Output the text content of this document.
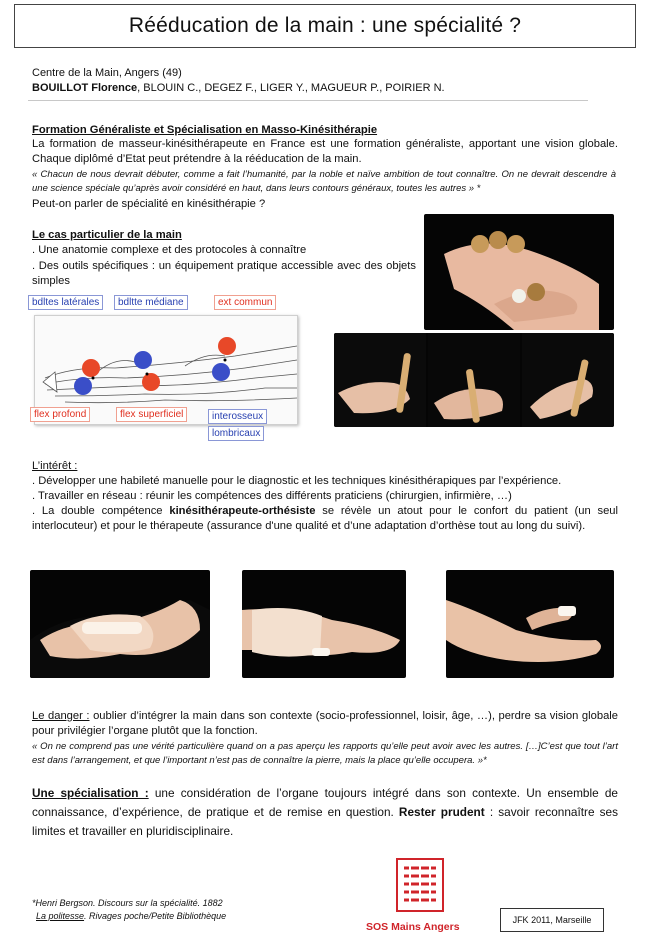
Rééducation de la main : une spécialité ?
Centre de la Main, Angers (49)
BOUILLOT Florence, BLOUIN C., DEGEZ F., LIGER Y., MAGUEUR P., POIRIER N.
Formation Généraliste et Spécialisation en Masso-Kinésithérapie
La formation de masseur-kinésithérapeute en France est une formation généraliste, apportant une vision globale. Chaque diplômé d’Etat peut prétendre à la rééducation de la main.
« Chacun de nous devrait débuter, comme a fait l’humanité, par la noble et naïve ambition de tout connaître. On ne devrait descendre à une science spéciale qu’après avoir considéré en haut, dans leurs contours généraux, toutes les autres » *
Peut-on parler de spécialité en kinésithérapie ?
Le cas particulier de la main
. Une anatomie complexe et des protocoles à connaître
. Des outils spécifiques : un équipement pratique accessible avec des objets simples
bdltes latérales	bdltte médiane	ext commun
flex profond	flex superficiel	interosseux
lombricaux
L’intérêt :
. Développer une habileté manuelle pour le diagnostic et les techniques kinésithérapiques par l’expérience.
. Travailler en réseau : réunir les compétences des différents praticiens (chirurgien, infirmière, …)
. La double compétence kinésithérapeute-orthésiste se révèle un atout pour le confort du patient (un seul interlocuteur) et pour le thérapeute (assurance d'une qualité et d’une adaptation d’orthèse tout au long du suivi).
Le danger : oublier d’intégrer la main dans son contexte (socio-professionnel, loisir, âge, …), perdre sa vision globale pour privilégier l’organe plutôt que la fonction.
« On ne comprend pas une vérité particulière quand on a pas aperçu les rapports qu’elle peut avoir avec les autres. […]C’est que tout l’art est dans l’arrangement, et que l’important n’est pas de connaître la pierre, mais la place qu’elle occupera. »*
Une spécialisation : une considération de l’organe toujours intégré dans son contexte. Un ensemble de connaissance, d’expérience, de pratique et de remise en question. Rester prudent : savoir reconnaître ses limites et travailler en pluridisciplinaire.
*Henri Bergson. Discours sur la spécialité. 1882
La politesse. Rivages poche/Petite Bibliothèque
SOS Mains Angers
JFK 2011, Marseille
